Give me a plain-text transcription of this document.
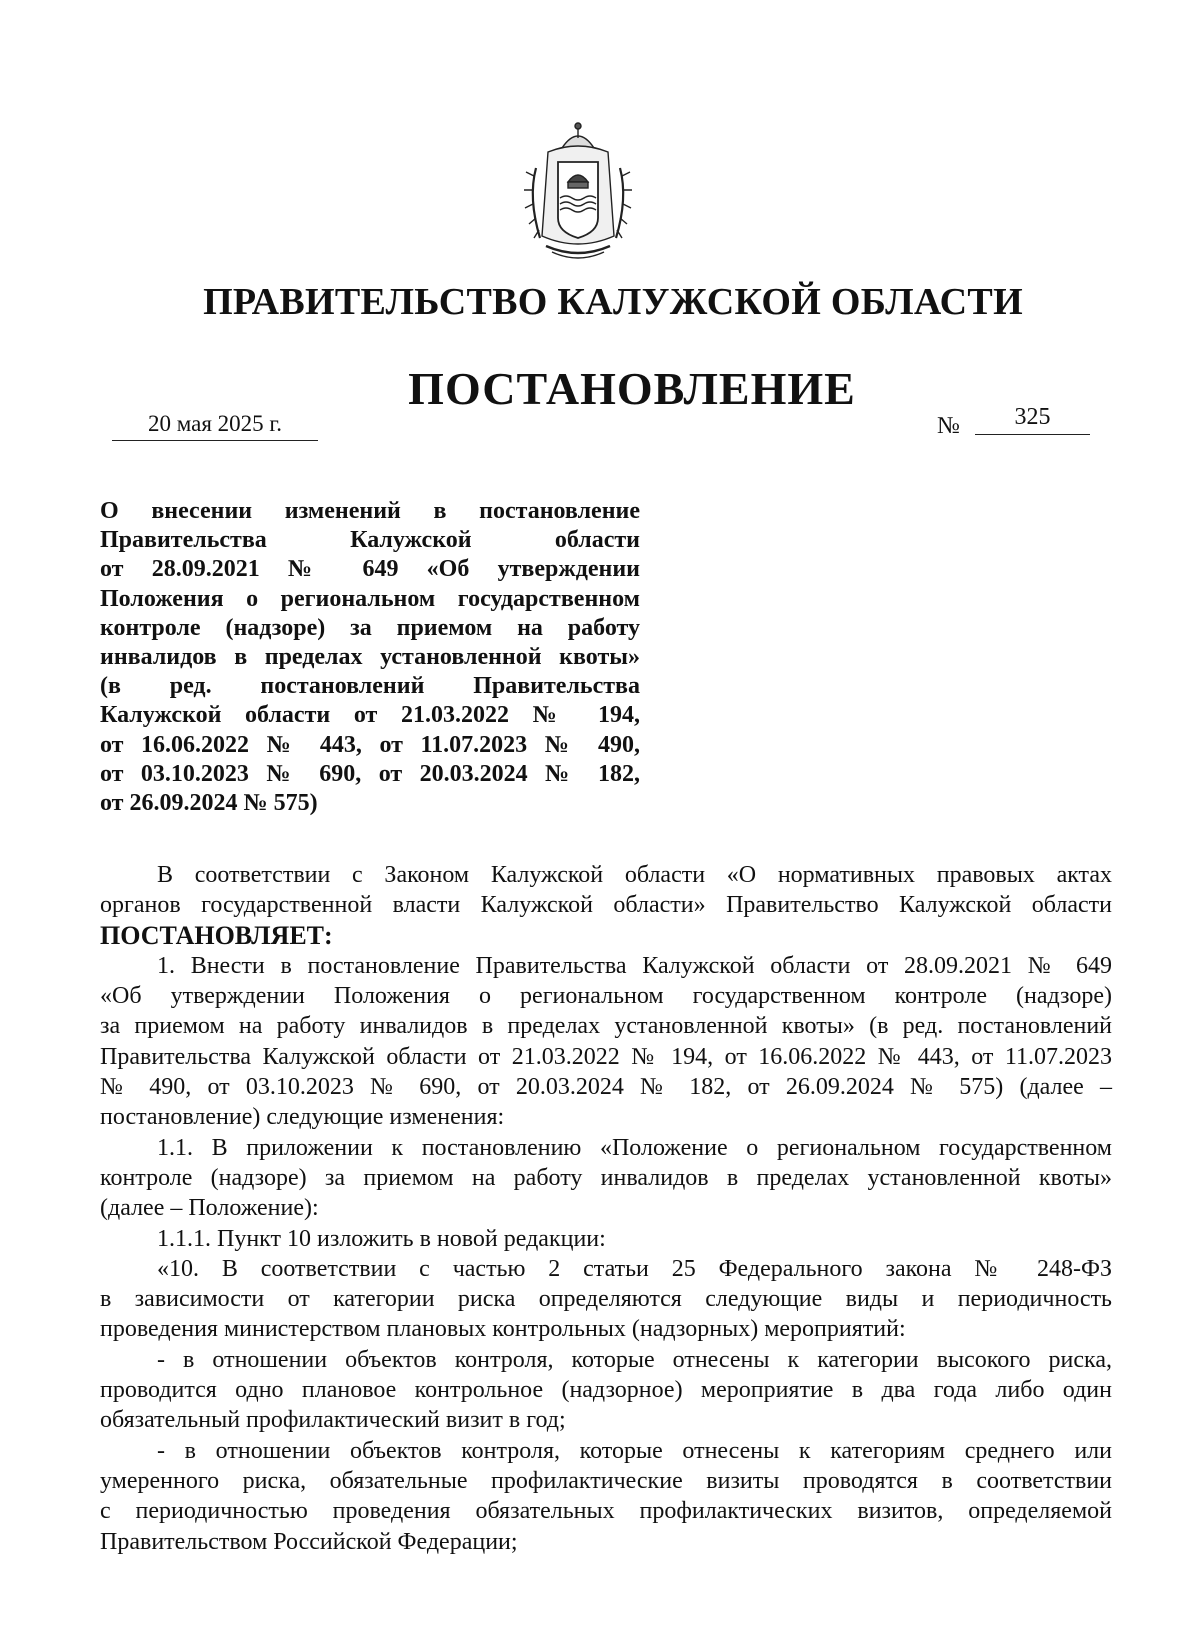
ПРАВИТЕЛЬСТВО КАЛУЖСКОЙ ОБЛАСТИ
ПОСТАНОВЛЕНИЕ
20 мая 2025 г.	№	325
О внесении изменений в постановление
Правительства Калужской области
от 28.09.2021 № 649 «Об утверждении
Положения о региональном государственном
контроле (надзоре) за приемом на работу
инвалидов в пределах установленной квоты»
(в ред. постановлений Правительства
Калужской области от 21.03.2022 № 194,
от 16.06.2022 № 443, от 11.07.2023 № 490,
от 03.10.2023 № 690, от 20.03.2024 № 182,
от 26.09.2024 № 575)
В соответствии с Законом Калужской области «О нормативных правовых актах
органов государственной власти Калужской области» Правительство Калужской области
ПОСТАНОВЛЯЕТ:
1. Внести в постановление Правительства Калужской области от 28.09.2021 № 649
«Об утверждении Положения о региональном государственном контроле (надзоре)
за приемом на работу инвалидов в пределах установленной квоты» (в ред. постановлений
Правительства Калужской области от 21.03.2022 № 194, от 16.06.2022 № 443, от 11.07.2023
№ 490, от 03.10.2023 № 690, от 20.03.2024 № 182, от 26.09.2024 № 575) (далее –
постановление) следующие изменения:
1.1. В приложении к постановлению «Положение о региональном государственном
контроле (надзоре) за приемом на работу инвалидов в пределах установленной квоты»
(далее – Положение):
1.1.1. Пункт 10 изложить в новой редакции:
«10. В соответствии с частью 2 статьи 25 Федерального закона № 248-ФЗ
в зависимости от категории риска определяются следующие виды и периодичность
проведения министерством плановых контрольных (надзорных) мероприятий:
- в отношении объектов контроля, которые отнесены к категории высокого риска,
проводится одно плановое контрольное (надзорное) мероприятие в два года либо один
обязательный профилактический визит в год;
- в отношении объектов контроля, которые отнесены к категориям среднего или
умеренного риска, обязательные профилактические визиты проводятся в соответствии
с периодичностью проведения обязательных профилактических визитов, определяемой
Правительством Российской Федерации;
